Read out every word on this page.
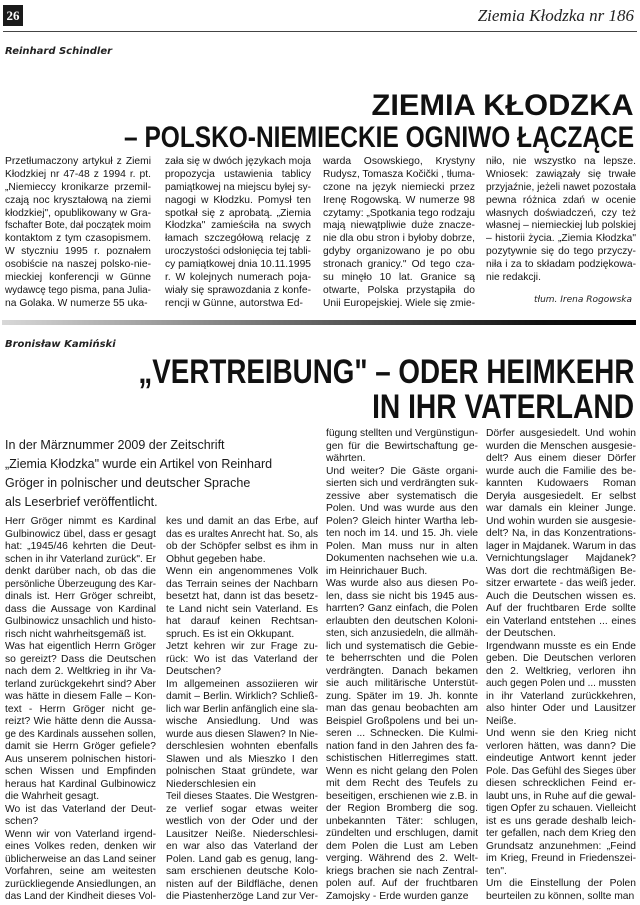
26	Ziemia Kłodzka nr 186
Reinhard Schindler
ZIEMIA KŁODZKA
– POLSKO-NIEMIECKIE OGNIWO ŁĄCZĄCE
Przetłumaczony artykuł z Ziemi
Kłodzkiej nr 47-48 z 1994 r. pt.
„Niemieccy kronikarze przemil-
czają noc kryształową na ziemi
kłodzkiej", opublikowany w Gra-
fschafter Bote, dał początek moim
kontaktom z tym czasopismem.
W styczniu 1995 r. poznałem
osobiście na naszej polsko-nie-
mieckiej konferencji w Günne
wydawcę tego pisma, pana Julia-
na Golaka. W numerze 55 uka-
zała się w dwóch językach moja
propozycja ustawienia tablicy
pamiątkowej na miejscu byłej sy-
nagogi w Kłodzku. Pomysł ten
spotkał się z aprobatą. „Ziemia
Kłodzka" zamieściła na swych
łamach szczegółową relację z
uroczystości odsłonięcia tej tabli-
cy pamiątkowej dnia 10.11.1995
r. W kolejnych numerach poja-
wiały się sprawozdania z konfe-
rencji w Günne, autorstwa Ed-
warda Osowskiego, Krystyny
Rudysz, Tomasza Kočički , tłuma-
czone na język niemiecki przez
Irenę Rogowską. W numerze 98
czytamy: „Spotkania tego rodzaju
mają niewątpliwie duże znacze-
nie dla obu stron i byłoby dobrze,
gdyby organizowano je po obu
stronach granicy." Od tego cza-
su minęło 10 lat. Granice są
otwarte, Polska przystąpiła do
Unii Europejskiej. Wiele się zmie-
niło, nie wszystko na lepsze.
Wniosek: zawiązały się trwałe
przyjaźnie, jeżeli nawet pozostała
pewna różnica zdań w ocenie
własnych doświadczeń, czy też
własnej – niemieckiej lub polskiej
– historii życia. „Ziemia Kłodzka"
pozytywnie się do tego przyczy-
niła i za to składam podziękowa-
nie redakcji.
tłum. Irena Rogowska
Bronisław Kamiński
„VERTREIBUNG" – ODER HEIMKEHR
IN IHR VATERLAND
In der Märznummer 2009 der Zeitschrift
„Ziemia Kłodzka" wurde ein Artikel von Reinhard
Gröger in polnischer und deutscher Sprache
als Leserbrief veröffentlicht.
Herr Gröger nimmt es Kardinal
Gulbinowicz übel, dass er gesagt
hat: „1945/46 kehrten die Deut-
schen in ihr Vaterland zurück". Er
denkt darüber nach, ob das die
persönliche Überzeugung des Kar-
dinals ist. Herr Gröger schreibt,
dass die Aussage von Kardinal
Gulbinowicz unsachlich und histo-
risch nicht wahrheitsgemäß ist.
Was hat eigentlich Herrn Gröger
so gereizt? Dass die Deutschen
nach dem 2. Weltkrieg in ihr Va-
terland zurückgekehrt sind? Aber
was hätte in diesem Falle – Kon-
text - Herrn Gröger nicht ge-
reizt? Wie hätte denn die Aussa-
ge des Kardinals aussehen sollen,
damit sie Herrn Gröger gefiele?
Aus unserem polnischen histori-
schen Wissen und Empfinden
heraus hat Kardinal Gulbinowicz
die Wahrheit gesagt.
Wo ist das Vaterland der Deut-
schen?
Wenn wir von Vaterland irgend-
eines Volkes reden, denken wir
üblicherweise an das Land seiner
Vorfahren, seine am weitesten
zurückliegende Ansiedlungen, an
das Land der Kindheit dieses Vol-
kes und damit an das Erbe, auf
das es uraltes Anrecht hat. So, als
ob der Schöpfer selbst es ihm in
Obhut gegeben habe.
Wenn ein angenommenes Volk
das Terrain seines der Nachbarn
besetzt hat, dann ist das besetz-
te Land nicht sein Vaterland. Es
hat darauf keinen Rechtsan-
spruch. Es ist ein Okkupant.
Jetzt kehren wir zur Frage zu-
rück: Wo ist das Vaterland der
Deutschen?
Im allgemeinen assoziieren wir
damit – Berlin. Wirklich? Schließ-
lich war Berlin anfänglich eine sla-
wische Ansiedlung. Und was
wurde aus diesen Slawen? In Nie-
derschlesien wohnten ebenfalls
Slawen und als Mieszko I den
polnischen Staat gründete, war
Niederschlesien ein
Teil dieses Staates. Die Westgren-
ze verlief sogar etwas weiter
westlich von der Oder und der
Lausitzer Neiße. Niederschlesi-
en war also das Vaterland der
Polen. Land gab es genug, lang-
sam erschienen deutsche Kolo-
nisten auf der Bildfläche, denen
die Piastenherzöge Land zur Ver-
fügung stellten und Vergünstigun-
gen für die Bewirtschaftung ge-
währten.
Und weiter? Die Gäste organi-
sierten sich und verdrängten suk-
zessive aber systematisch die
Polen. Und was wurde aus den
Polen? Gleich hinter Wartha leb-
ten noch im 14. und 15. Jh. viele
Polen. Man muss nur in alten
Dokumenten nachsehen wie u.a.
im Heinrichauer Buch.
Was wurde also aus diesen Po-
len, dass sie nicht bis 1945 aus-
harrten? Ganz einfach, die Polen
erlaubten den deutschen Koloni-
sten, sich anzusiedeln, die allmäh-
lich und systematisch die Gebie-
te beherrschten und die Polen
verdrängten. Danach bekamen
sie auch militärische Unterstüt-
zung. Später im 19. Jh. konnte
man das genau beobachten am
Beispiel Großpolens und bei un-
seren ... Schnecken. Die Kulmi-
nation fand in den Jahren des fa-
schistischen Hitlerregimes statt.
Wenn es nicht gelang den Polen
mit dem Recht des Teufels zu
beseitigen, erschienen wie z.B. in
der Region Bromberg die sog.
unbekannten Täter: schlugen,
zündelten und erschlugen, damit
dem Polen die Lust am Leben
verging. Während des 2. Welt-
kriegs brachen sie nach Zentral-
polen auf. Auf der fruchtbaren
Zamojsky - Erde wurden ganze
Dörfer ausgesiedelt. Und wohin
wurden die Menschen ausgesie-
delt? Aus einem dieser Dörfer
wurde auch die Familie des be-
kannten Kudowaers Roman
Deryła ausgesiedelt. Er selbst
war damals ein kleiner Junge.
Und wohin wurden sie ausgesie-
delt? Na, in das Konzentrations-
lager in Majdanek. Warum in das
Vernichtungslager Majdanek?
Was dort die rechtmäßigen Be-
sitzer erwartete - das weiß jeder.
Auch die Deutschen wissen es.
Auf der fruchtbaren Erde sollte
ein Vaterland entstehen ... eines
der Deutschen.
Irgendwann musste es ein Ende
geben. Die Deutschen verloren
den 2. Weltkrieg, verloren ihn
auch gegen Polen und ... mussten
in ihr Vaterland zurückkehren,
also hinter Oder und Lausitzer
Neiße.
Und wenn sie den Krieg nicht
verloren hätten, was dann? Die
eindeutige Antwort kennt jeder
Pole. Das Gefühl des Sieges über
diesen schrecklichen Feind er-
laubt uns, in Ruhe auf die gewal-
tigen Opfer zu schauen. Vielleicht
ist es uns gerade deshalb leich-
ter gefallen, nach dem Krieg den
Grundsatz anzunehmen: „Feind
im Krieg, Freund in Friedenszei-
ten".
Um die Einstellung der Polen
beurteilen zu können, sollte man
